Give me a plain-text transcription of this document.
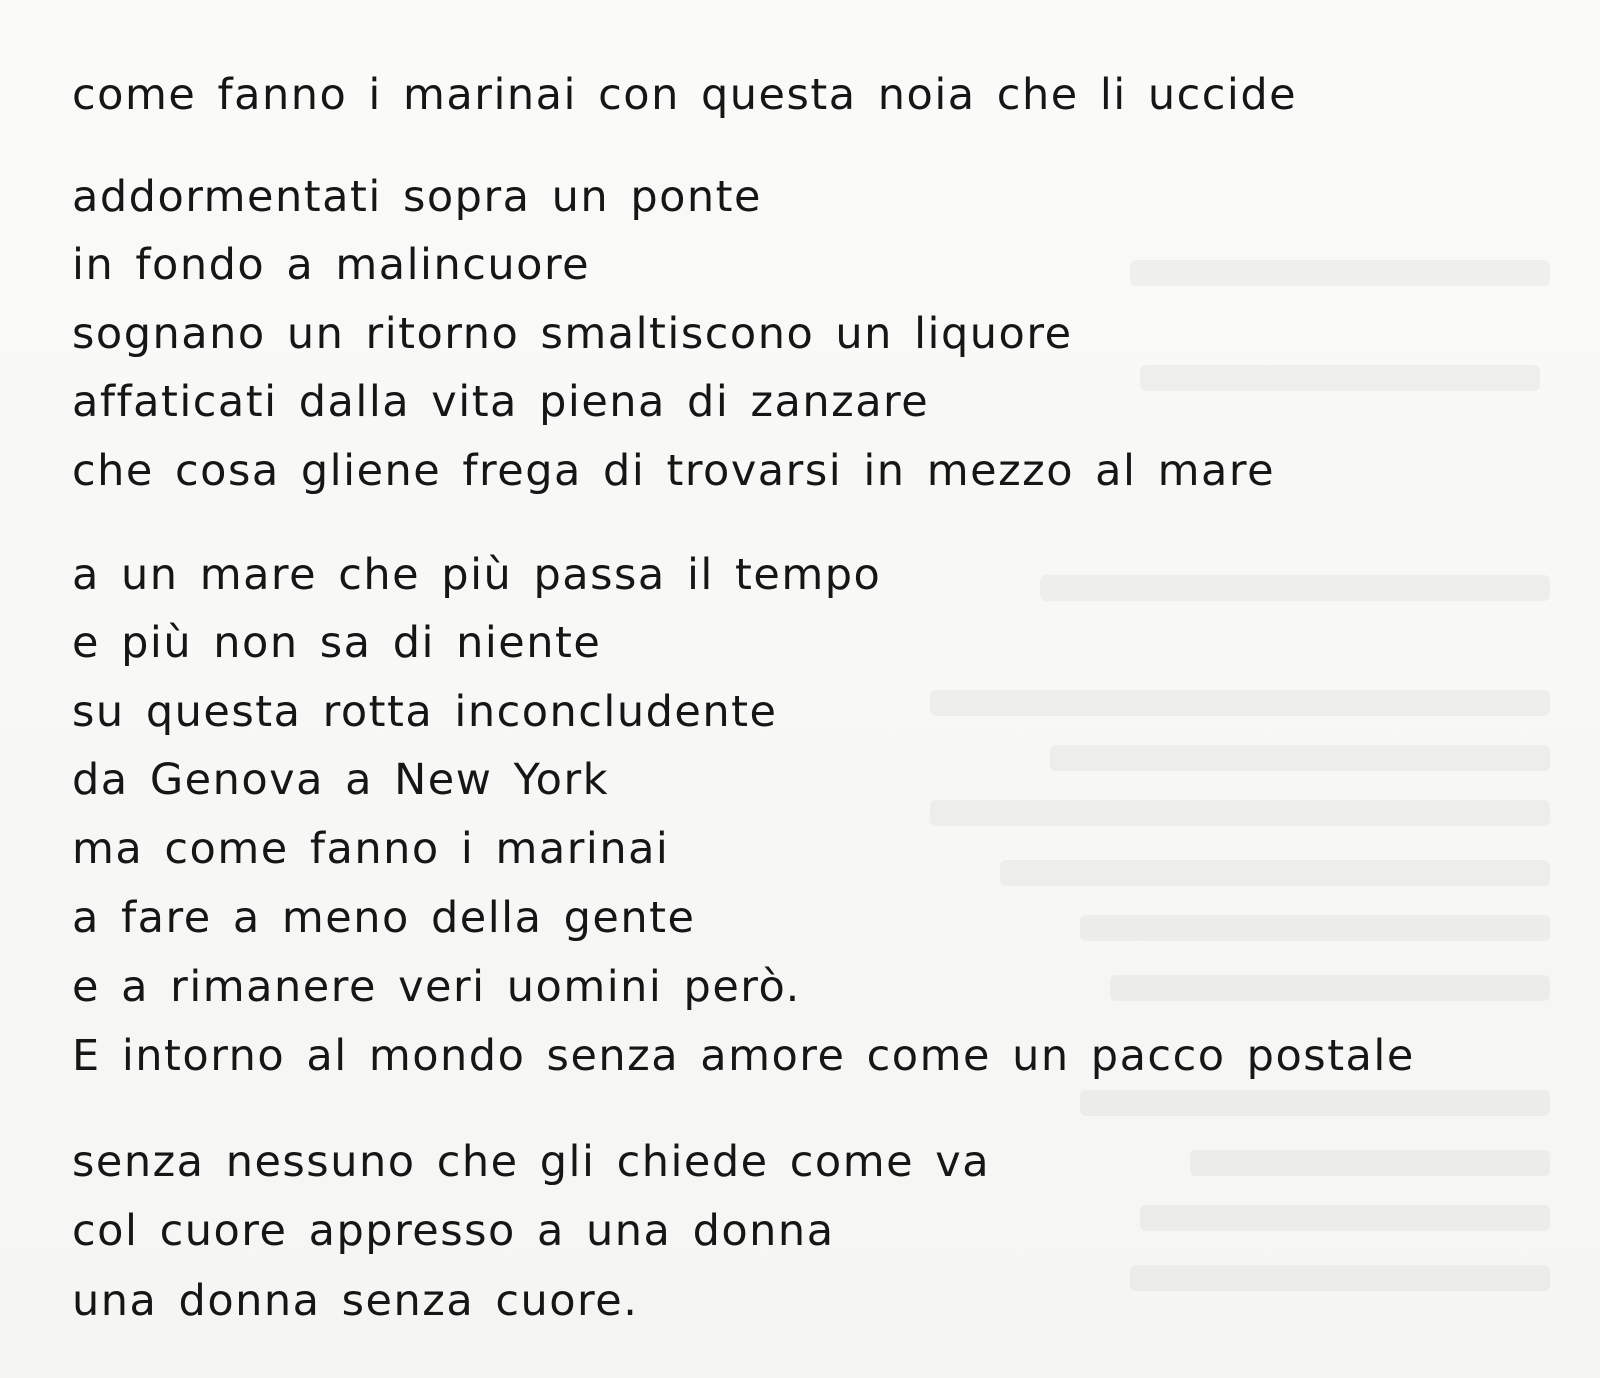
come fanno i marinai con questa noia che li uccide
addormentati sopra un ponte
in fondo a malincuore
sognano un ritorno smaltiscono un liquore
affaticati dalla vita piena di zanzare
che cosa gliene frega di trovarsi in mezzo al mare
a un mare che più passa il tempo
e più non sa di niente
su questa rotta inconcludente
da Genova a New York
ma come fanno i marinai
a fare a meno della gente
e a rimanere veri uomini però.
E intorno al mondo senza amore come un pacco postale
senza nessuno che gli chiede come va
col cuore appresso a una donna
una donna senza cuore.
